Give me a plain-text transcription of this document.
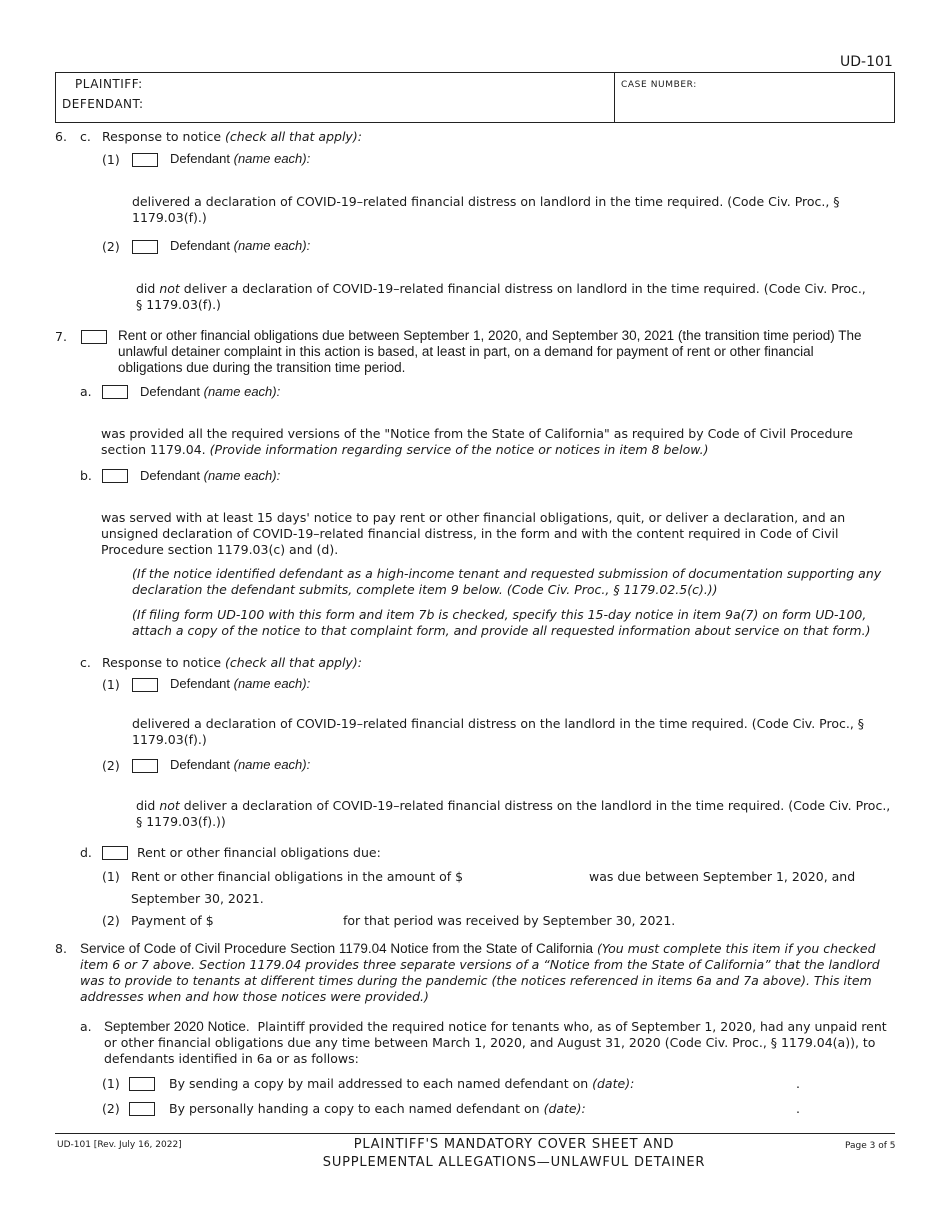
UD-101
PLAINTIFF:
DEFENDANT:
CASE NUMBER:
6. c. Response to notice (check all that apply):
(1)	Defendant (name each):
delivered a declaration of COVID-19–related financial distress on landlord in the time required. (Code Civ. Proc., § 1179.03(f).)
(2)	Defendant (name each):
did not deliver a declaration of COVID-19–related financial distress on landlord in the time required. (Code Civ. Proc., § 1179.03(f).)
7.	Rent or other financial obligations due between September 1, 2020, and September 30, 2021 (the transition time period) The unlawful detainer complaint in this action is based, at least in part, on a demand for payment of rent or other financial obligations due during the transition time period.
a.	Defendant (name each):
was provided all the required versions of the "Notice from the State of California" as required by Code of Civil Procedure section 1179.04. (Provide information regarding service of the notice or notices in item 8 below.)
b.	Defendant (name each):
was served with at least 15 days' notice to pay rent or other financial obligations, quit, or deliver a declaration, and an unsigned declaration of COVID-19–related financial distress, in the form and with the content required in Code of Civil Procedure section 1179.03(c) and (d).
(If the notice identified defendant as a high-income tenant and requested submission of documentation supporting any declaration the defendant submits, complete item 9 below. (Code Civ. Proc., § 1179.02.5(c).))
(If filing form UD-100 with this form and item 7b is checked, specify this 15-day notice in item 9a(7) on form UD-100, attach a copy of the notice to that complaint form, and provide all requested information about service on that form.)
c. Response to notice (check all that apply):
(1)	Defendant (name each):
delivered a declaration of COVID-19–related financial distress on the landlord in the time required. (Code Civ. Proc., § 1179.03(f).)
(2)	Defendant (name each):
did not deliver a declaration of COVID-19–related financial distress on the landlord in the time required. (Code Civ. Proc., § 1179.03(f).))
d.	Rent or other financial obligations due:
(1) Rent or other financial obligations in the amount of $	was due between September 1, 2020, and
September 30, 2021.
(2) Payment of $	for that period was received by September 30, 2021.
8. Service of Code of Civil Procedure Section 1179.04 Notice from the State of California (You must complete this item if you checked item 6 or 7 above. Section 1179.04 provides three separate versions of a “Notice from the State of California” that the landlord was to provide to tenants at different times during the pandemic (the notices referenced in items 6a and 7a above). This item addresses when and how those notices were provided.)
a. September 2020 Notice. Plaintiff provided the required notice for tenants who, as of September 1, 2020, had any unpaid rent or other financial obligations due any time between March 1, 2020, and August 31, 2020 (Code Civ. Proc., § 1179.04(a)), to defendants identified in 6a or as follows:
(1)	By sending a copy by mail addressed to each named defendant on (date):	.
(2)	By personally handing a copy to each named defendant on (date):	.
UD-101 [Rev. July 16, 2022]	PLAINTIFF'S MANDATORY COVER SHEET AND
SUPPLEMENTAL ALLEGATIONS—UNLAWFUL DETAINER
Page 3 of 5
